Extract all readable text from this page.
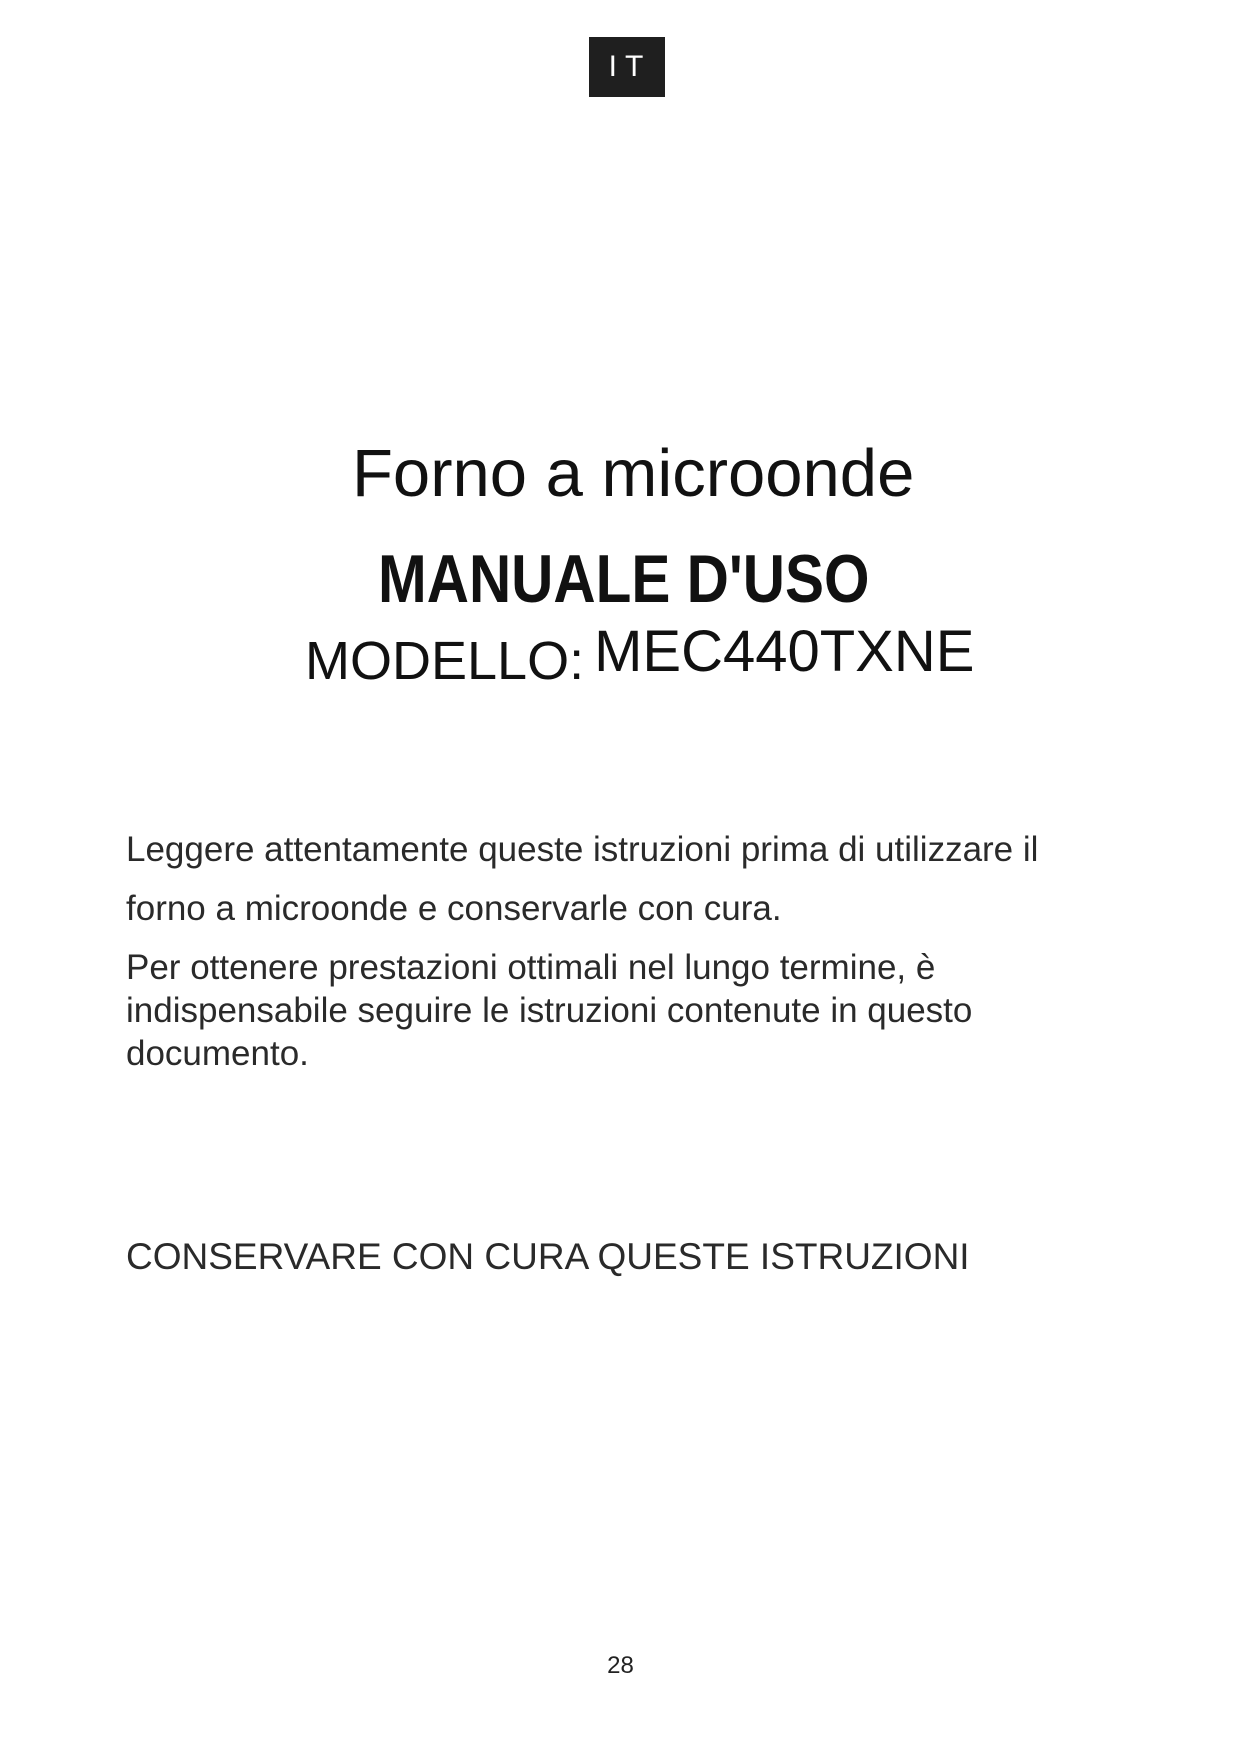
IT
Forno a microonde
MANUALE D'USO
MODELLO: MEC440TXNE
Leggere attentamente queste istruzioni prima di utilizzare il
forno a microonde e conservarle con cura.
Per ottenere prestazioni ottimali nel lungo termine, è indispensabile seguire le istruzioni contenute in questo documento.
CONSERVARE CON CURA QUESTE ISTRUZIONI
28
